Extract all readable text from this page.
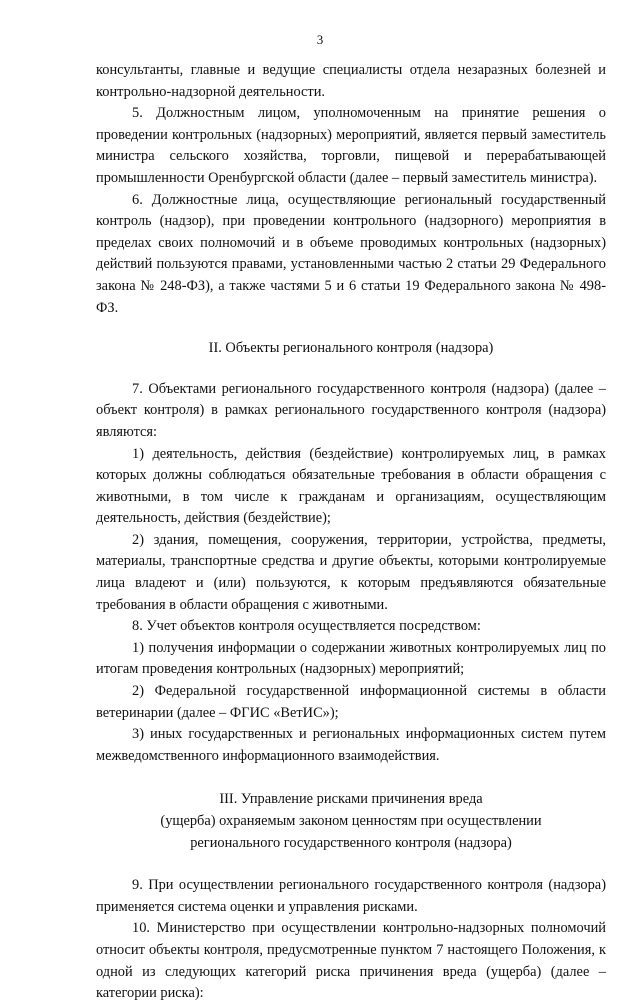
3

консультанты, главные и ведущие специалисты отдела незаразных болезней и контрольно-надзорной деятельности.

5. Должностным лицом, уполномоченным на принятие решения о проведении контрольных (надзорных) мероприятий, является первый заместитель министра сельского хозяйства, торговли, пищевой и перерабатывающей промышленности Оренбургской области (далее – первый заместитель министра).

6. Должностные лица, осуществляющие региональный государственный контроль (надзор), при проведении контрольного (надзорного) мероприятия в пределах своих полномочий и в объеме проводимых контрольных (надзорных) действий пользуются правами, установленными частью 2 статьи 29 Федерального закона № 248-ФЗ), а также частями 5 и 6 статьи 19 Федерального закона № 498-ФЗ.

II. Объекты регионального контроля (надзора)

7. Объектами регионального государственного контроля (надзора) (далее – объект контроля) в рамках регионального государственного контроля (надзора) являются:

1) деятельность, действия (бездействие) контролируемых лиц, в рамках которых должны соблюдаться обязательные требования в области обращения с животными, в том числе к гражданам и организациям, осуществляющим деятельность, действия (бездействие);

2) здания, помещения, сооружения, территории, устройства, предметы, материалы, транспортные средства и другие объекты, которыми контролируемые лица владеют и (или) пользуются, к которым предъявляются обязательные требования в области обращения с животными.

8. Учет объектов контроля осуществляется посредством:

1) получения информации о содержании животных контролируемых лиц по итогам проведения контрольных (надзорных) мероприятий;

2) Федеральной государственной информационной системы в области ветеринарии (далее – ФГИС «ВетИС»);

3) иных государственных и региональных информационных систем путем межведомственного информационного взаимодействия.

III. Управление рисками причинения вреда
(ущерба) охраняемым законом ценностям при осуществлении
регионального государственного контроля (надзора)

9. При осуществлении регионального государственного контроля (надзора) применяется система оценки и управления рисками.

10. Министерство при осуществлении контрольно-надзорных полномочий относит объекты контроля, предусмотренные пунктом 7 настоящего Положения, к одной из следующих категорий риска причинения вреда (ущерба) (далее – категории риска):
